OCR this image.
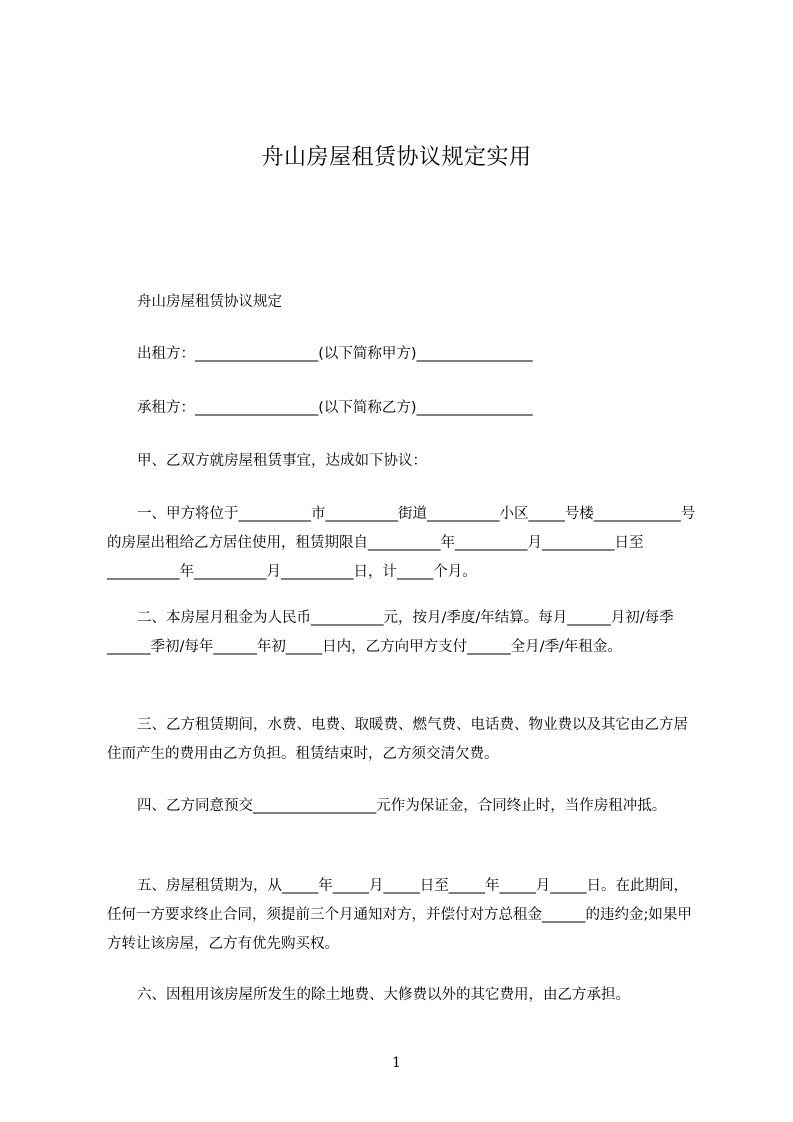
舟山房屋租赁协议规定实用
舟山房屋租赁协议规定
出租方：_________________(以下简称甲方)________________
承租方：_________________(以下简称乙方)________________
甲、乙双方就房屋租赁事宜，达成如下协议：
一、甲方将位于__________市__________街道__________小区_____号楼____________号的房屋出租给乙方居住使用，租赁期限自__________年__________月__________日至__________年__________月__________日，计_____个月。
二、本房屋月租金为人民币__________元，按月/季度/年结算。每月______月初/每季______季初/每年______年初_____日内，乙方向甲方支付______全月/季/年租金。
三、乙方租赁期间，水费、电费、取暖费、燃气费、电话费、物业费以及其它由乙方居住而产生的费用由乙方负担。租赁结束时，乙方须交清欠费。
四、乙方同意预交_________________元作为保证金，合同终止时，当作房租冲抵。
五、房屋租赁期为，从_____年_____月_____日至_____年_____月_____日。在此期间，任何一方要求终止合同，须提前三个月通知对方，并偿付对方总租金______的违约金;如果甲方转让该房屋，乙方有优先购买权。
六、因租用该房屋所发生的除土地费、大修费以外的其它费用，由乙方承担。
1
